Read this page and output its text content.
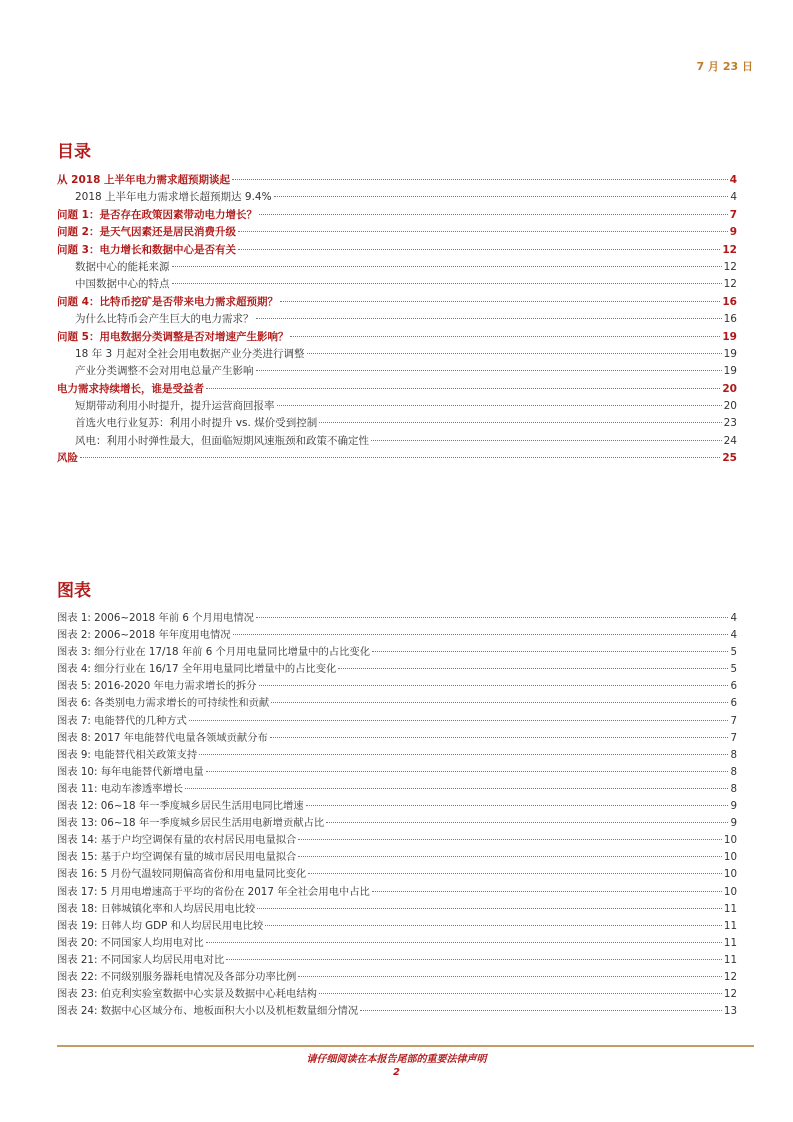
7 月 23 日
目录
从 2018 上半年电力需求超预期谈起	4
2018 上半年电力需求增长超预期达 9.4%	4
问题 1：是否存在政策因素带动电力增长？	7
问题 2：是天气因素还是居民消费升级	9
问题 3：电力增长和数据中心是否有关	12
数据中心的能耗来源	12
中国数据中心的特点	12
问题 4：比特币挖矿是否带来电力需求超预期？	16
为什么比特币会产生巨大的电力需求？	16
问题 5：用电数据分类调整是否对增速产生影响？	19
18 年 3 月起对全社会用电数据产业分类进行调整	19
产业分类调整不会对用电总量产生影响	19
电力需求持续增长，谁是受益者	20
短期带动利用小时提升，提升运营商回报率	20
首选火电行业复苏：利用小时提升 vs. 煤价受到控制	23
风电：利用小时弹性最大，但面临短期风速瓶颈和政策不确定性	24
风险	25
图表
图表 1: 2006~2018 年前 6 个月用电情况	4
图表 2: 2006~2018 年年度用电情况	4
图表 3: 细分行业在 17/18 年前 6 个月用电量同比增量中的占比变化	5
图表 4: 细分行业在 16/17 全年用电量同比增量中的占比变化	5
图表 5: 2016-2020 年电力需求增长的拆分	6
图表 6: 各类别电力需求增长的可持续性和贡献	6
图表 7: 电能替代的几种方式	7
图表 8: 2017 年电能替代电量各领域贡献分布	7
图表 9: 电能替代相关政策支持	8
图表 10: 每年电能替代新增电量	8
图表 11: 电动车渗透率增长	8
图表 12: 06~18 年一季度城乡居民生活用电同比增速	9
图表 13: 06~18 年一季度城乡居民生活用电新增贡献占比	9
图表 14: 基于户均空调保有量的农村居民用电量拟合	10
图表 15: 基于户均空调保有量的城市居民用电量拟合	10
图表 16: 5 月份气温较同期偏高省份和用电量同比变化	10
图表 17: 5 月用电增速高于平均的省份在 2017 年全社会用电中占比	10
图表 18: 日韩城镇化率和人均居民用电比较	11
图表 19: 日韩人均 GDP 和人均居民用电比较	11
图表 20: 不同国家人均用电对比	11
图表 21: 不同国家人均居民用电对比	11
图表 22: 不同级别服务器耗电情况及各部分功率比例	12
图表 23: 伯克利实验室数据中心实景及数据中心耗电结构	12
图表 24: 数据中心区域分布、地板面积大小以及机柜数量细分情况	13
请仔细阅读在本报告尾部的重要法律声明
2
